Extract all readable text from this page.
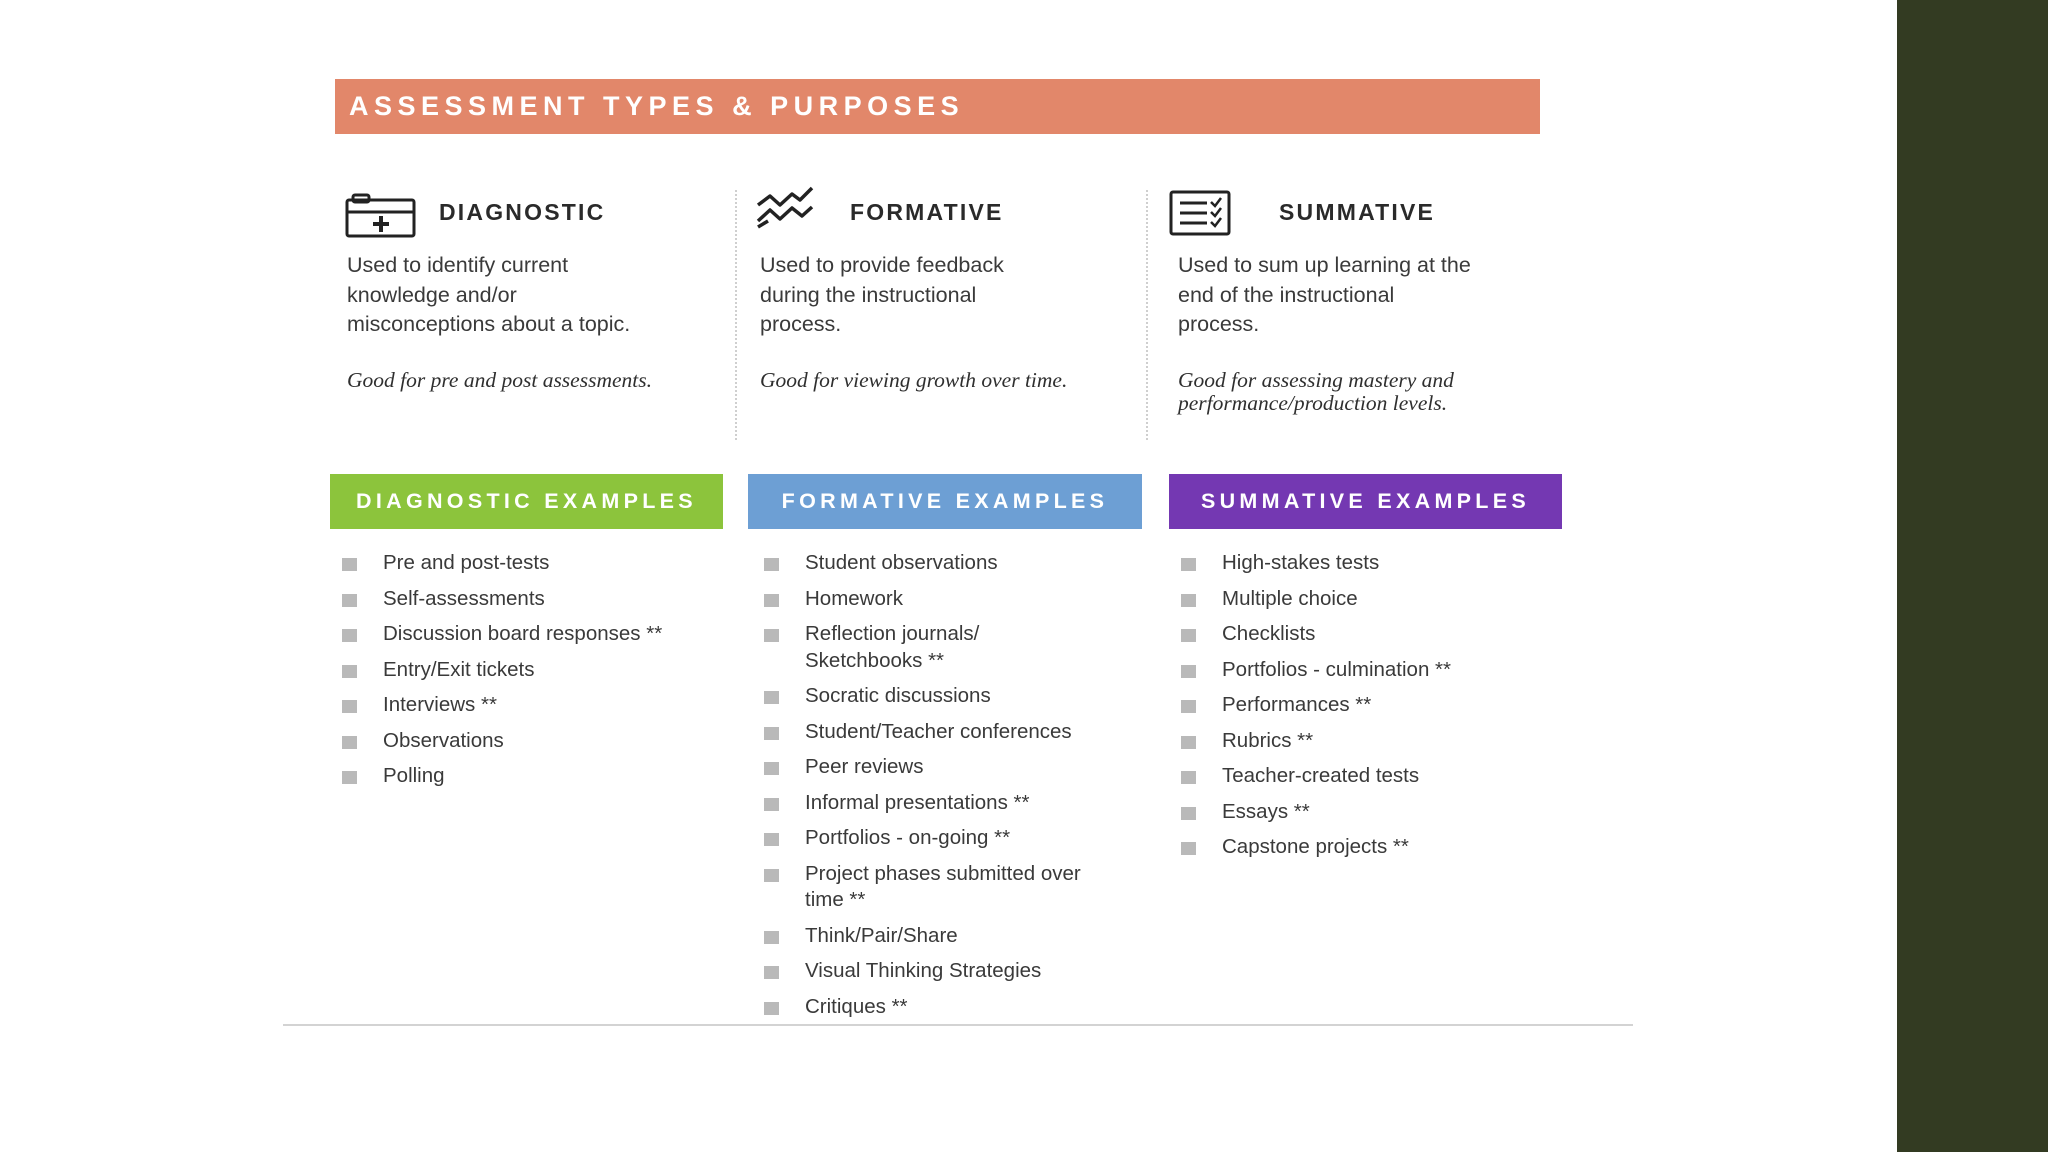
ASSESSMENT TYPES & PURPOSES
DIAGNOSTIC
Used to identify current
knowledge and/or
misconceptions about a topic.
Good for pre and post assessments.
FORMATIVE
Used to provide feedback
during the instructional
process.
Good for viewing growth over time.
SUMMATIVE
Used to sum up learning at the
end of the instructional
process.
Good for assessing mastery and
performance/production levels.
DIAGNOSTIC EXAMPLES	FORMATIVE EXAMPLES	SUMMATIVE EXAMPLES
Pre and post-tests
Self-assessments
Discussion board responses **
Entry/Exit tickets
Interviews **
Observations
Polling
Student observations
Homework
Reflection journals/
Sketchbooks **
Socratic discussions
Student/Teacher conferences
Peer reviews
Informal presentations **
Portfolios - on-going **
Project phases submitted over
time **
Think/Pair/Share
Visual Thinking Strategies
Critiques **
High-stakes tests
Multiple choice
Checklists
Portfolios - culmination **
Performances **
Rubrics **
Teacher-created tests
Essays **
Capstone projects **
